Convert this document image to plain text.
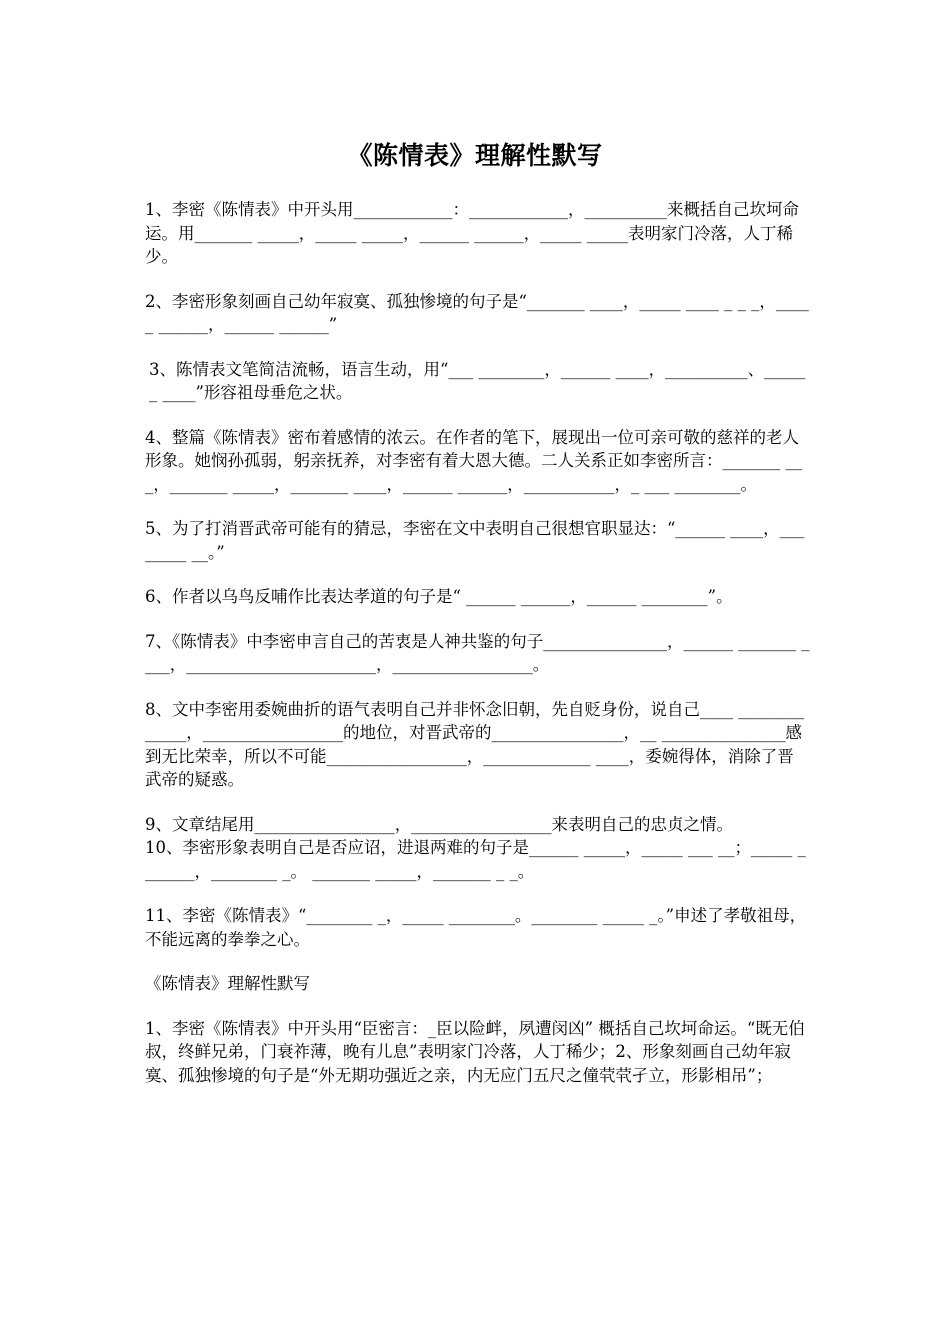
《陈情表》理解性默写

1、李密《陈情表》中开头用____________：____________，__________来概括自己坎坷命运。用_______ _____，_____ _____，______ ______，_____ _____表明家门冷落，人丁稀少。

2、李密形象刻画自己幼年寂寞、孤独惨境的句子是“_______ ____，_____ ____ _ _ _，_____ ______，______ ______”

3、陈情表文笔简洁流畅，语言生动，用“___ ________，______ ____，__________、______ ____”形容祖母垂危之状。

4、整篇《陈情表》密布着感情的浓云。在作者的笔下，展现出一位可亲可敬的慈祥的老人形象。她悯孙孤弱，躬亲抚养，对李密有着大恩大德。二人关系正如李密所言：_______ ___，_______ _____，_______ ____，______ ______，___________，_ ___ ________。

5、为了打消晋武帝可能有的猜忌，李密在文中表明自己很想官职显达：“______ ____，________ __。”

6、作者以乌鸟反哺作比表达孝道的句子是“ ______ ______，______ ________”。

7、《陈情表》中李密申言自己的苦衷是人神共鉴的句子_______________，______ _______ ____，_______________________，_________________。

8、文中李密用委婉曲折的语气表明自己并非怀念旧朝，先自贬身份，说自己____ _____________，_________________的地位，对晋武帝的________________，__ _______________感到无比荣幸，所以不可能_________________，_____________ ____，委婉得体，消除了晋武帝的疑惑。

9、文章结尾用_________________，_________________来表明自己的忠贞之情。

10、李密形象表明自己是否应诏，进退两难的句子是______ _____，_____ ___ __；_____ _______，________ _。 _______ _____，_______ _ _。

11、李密《陈情表》“________ _，_____ ________。________ _____ _。”申述了孝敬祖母，不能远离的拳拳之心。

《陈情表》理解性默写

1、李密《陈情表》中开头用“臣密言：_臣以险衅，夙遭闵凶” 概括自己坎坷命运。“既无伯叔，终鲜兄弟，门衰祚薄，晚有儿息”表明家门冷落，人丁稀少；2、形象刻画自己幼年寂寞、孤独惨境的句子是“外无期功强近之亲，内无应门五尺之僮茕茕孑立，形影相吊”；
